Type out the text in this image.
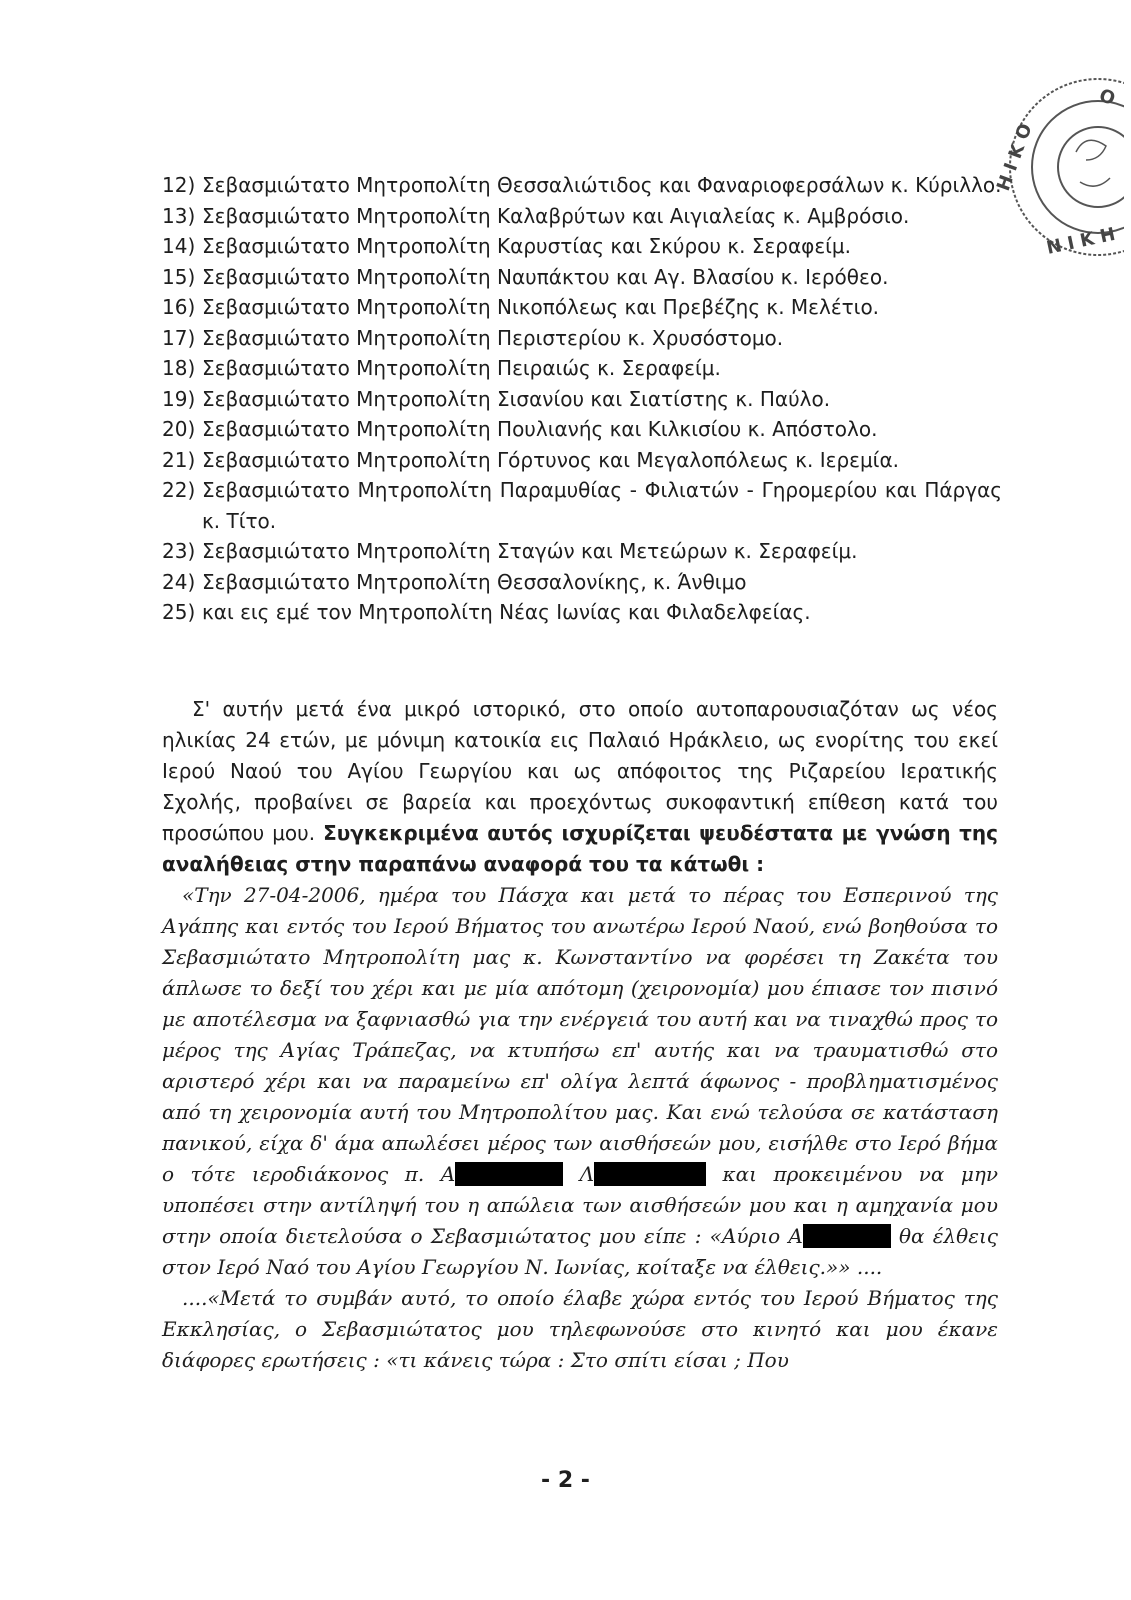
Η Ι Κ Ο
Ν Ι Κ Η
Ο
12) Σεβασμιώτατο Μητροπολίτη Θεσσαλιώτιδος και Φαναριοφερσάλων κ. Κύριλλο.
13) Σεβασμιώτατο Μητροπολίτη Καλαβρύτων και Αιγιαλείας κ. Αμβρόσιο.
14) Σεβασμιώτατο Μητροπολίτη Καρυστίας και Σκύρου κ. Σεραφείμ.
15) Σεβασμιώτατο Μητροπολίτη Ναυπάκτου και Αγ. Βλασίου κ. Ιερόθεο.
16) Σεβασμιώτατο Μητροπολίτη Νικοπόλεως και Πρεβέζης κ. Μελέτιο.
17) Σεβασμιώτατο Μητροπολίτη Περιστερίου κ. Χρυσόστομο.
18) Σεβασμιώτατο Μητροπολίτη Πειραιώς κ. Σεραφείμ.
19) Σεβασμιώτατο Μητροπολίτη Σισανίου και Σιατίστης κ. Παύλο.
20) Σεβασμιώτατο Μητροπολίτη Πουλιανής και Κιλκισίου κ. Απόστολο.
21) Σεβασμιώτατο Μητροπολίτη Γόρτυνος και Μεγαλοπόλεως κ. Ιερεμία.
22) Σεβασμιώτατο Μητροπολίτη Παραμυθίας - Φιλιατών - Γηρομερίου και Πάργας κ. Τίτο.
23) Σεβασμιώτατο Μητροπολίτη Σταγών και Μετεώρων κ. Σεραφείμ.
24) Σεβασμιώτατο Μητροπολίτη Θεσσαλονίκης, κ. Άνθιμο
25) και εις εμέ τον Μητροπολίτη Νέας Ιωνίας και Φιλαδελφείας.

Σ' αυτήν μετά ένα μικρό ιστορικό, στο οποίο αυτοπαρουσιαζόταν ως νέος ηλικίας 24 ετών, με μόνιμη κατοικία εις Παλαιό Ηράκλειο, ως ενορίτης του εκεί Ιερού Ναού του Αγίου Γεωργίου και ως απόφοιτος της Ριζαρείου Ιερατικής Σχολής, προβαίνει σε βαρεία και προεχόντως συκοφαντική επίθεση κατά του προσώπου μου. Συγκεκριμένα αυτός ισχυρίζεται ψευδέστατα με γνώση της αναλήθειας στην παραπάνω αναφορά του τα κάτωθι :

«Την 27-04-2006, ημέρα του Πάσχα και μετά το πέρας του Εσπερινού της Αγάπης και εντός του Ιερού Βήματος του ανωτέρω Ιερού Ναού, ενώ βοηθούσα το Σεβασμιώτατο Μητροπολίτη μας κ. Κωνσταντίνο να φορέσει τη Ζακέτα του άπλωσε το δεξί του χέρι και με μία απότομη (χειρονομία) μου έπιασε τον πισινό με αποτέλεσμα να ξαφνιασθώ για την ενέργειά του αυτή και να τιναχθώ προς το μέρος της Αγίας Τράπεζας, να κτυπήσω επ' αυτής και να τραυματισθώ στο αριστερό χέρι και να παραμείνω επ' ολίγα λεπτά άφωνος - προβληματισμένος από τη χειρονομία αυτή του Μητροπολίτου μας. Και ενώ τελούσα σε κατάσταση πανικού, είχα δ' άμα απωλέσει μέρος των αισθήσεών μου, εισήλθε στο Ιερό βήμα ο τότε ιεροδιάκονος π. Α	Λ	και προκειμένου να μην υποπέσει στην αντίληψή του η απώλεια των αισθήσεών μου και η αμηχανία μου στην οποία διετελούσα ο Σεβασμιώτατος μου είπε : «Αύριο Α	θα έλθεις στον Ιερό Ναό του Αγίου Γεωργίου Ν. Ιωνίας, κοίταξε να έλθεις.»» ....

....«Μετά το συμβάν αυτό, το οποίο έλαβε χώρα εντός του Ιερού Βήματος της Εκκλησίας, ο Σεβασμιώτατος μου τηλεφωνούσε στο κινητό και μου έκανε διάφορες ερωτήσεις : «τι κάνεις τώρα : Στο σπίτι είσαι ; Που

- 2 -
